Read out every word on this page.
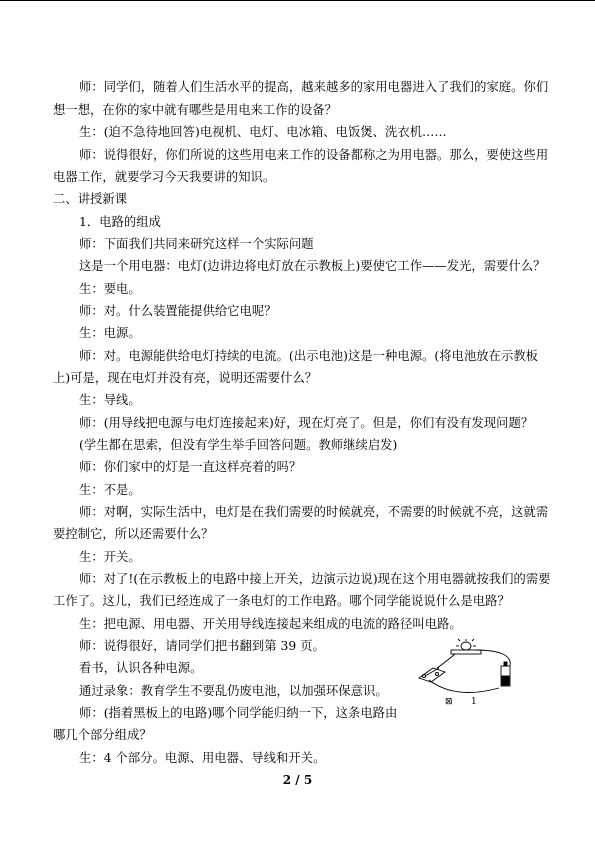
师：同学们，随着人们生活水平的提高，越来越多的家用电器进入了我们的家庭。你们
想一想，在你的家中就有哪些是用电来工作的设备？
生：(迫不急待地回答)电视机、电灯、电冰箱、电饭煲、洗衣机……
师：说得很好，你们所说的这些用电来工作的设备都称之为用电器。那么，要使这些用
电器工作，就要学习今天我要讲的知识。
二、讲授新课
1．电路的组成
师：下面我们共同来研究这样一个实际问题
这是一个用电器：电灯(边讲边将电灯放在示教板上)要使它工作——发光，需要什么？
生：要电。
师：对。什么装置能提供给它电呢？
生：电源。
师：对。电源能供给电灯持续的电流。(出示电池)这是一种电源。(将电池放在示教板
上)可是，现在电灯并没有亮，说明还需要什么？
生：导线。
师：(用导线把电源与电灯连接起来)好，现在灯亮了。但是，你们有没有发现问题？
(学生都在思索，但没有学生举手回答问题。教师继续启发)
师：你们家中的灯是一直这样亮着的吗？
生：不是。
师：对啊，实际生活中，电灯是在我们需要的时候就亮，不需要的时候就不亮，这就需
要控制它，所以还需要什么？
生：开关。
师：对了!(在示教板上的电路中接上开关，边演示边说)现在这个用电器就按我们的需要
工作了。这儿，我们已经连成了一条电灯的工作电路。哪个同学能说说什么是电路？
生：把电源、用电器、开关用导线连接起来组成的电流的路径叫电路。
师：说得很好，请同学们把书翻到第 39 页。
看书，认识各种电源。
通过录象：教育学生不要乱仍废电池，以加强环保意识。
师：(指着黑板上的电路)哪个同学能归纳一下，这条电路由
哪几个部分组成？
生：4 个部分。电源、用电器、导线和开关。
⊠ 1
2 / 5
